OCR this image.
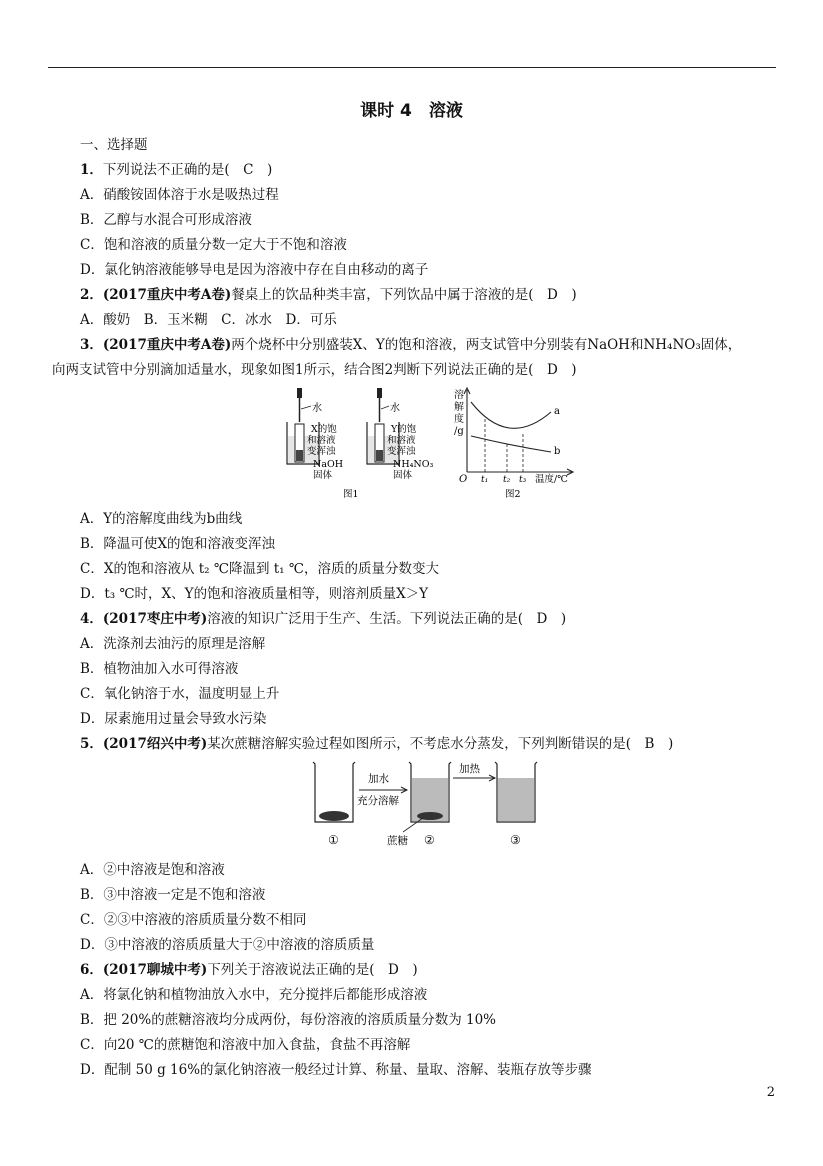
课时 4　溶液
一、选择题
1．下列说法不正确的是(　C　)
A．硝酸铵固体溶于水是吸热过程
B．乙醇与水混合可形成溶液
C．饱和溶液的质量分数一定大于不饱和溶液
D．氯化钠溶液能够导电是因为溶液中存在自由移动的离子
2．(2017重庆中考A卷)餐桌上的饮品种类丰富，下列饮品中属于溶液的是(　D　)
A．酸奶　B．玉米糊　C．冰水　D．可乐
3．(2017重庆中考A卷)两个烧杯中分别盛装X、Y的饱和溶液，两支试管中分别装有NaOH和NH₄NO₃固体，
向两支试管中分别滴加适量水，现象如图1所示，结合图2判断下列说法正确的是(　D　)
水
X的饱
和溶液
变浑浊
NaOH
固体
水
Y的饱
和溶液
变浑浊
NH₄NO₃
固体
图1
溶
解
度
/g
a
b
O t₁ t₂ t₃ 温度/℃
图2
A．Y的溶解度曲线为b曲线
B．降温可使X的饱和溶液变浑浊
C．X的饱和溶液从 t₂ ℃降温到 t₁ ℃，溶质的质量分数变大
D．t₃ ℃时，X、Y的饱和溶液质量相等，则溶剂质量X＞Y
4．(2017枣庄中考)溶液的知识广泛用于生产、生活。下列说法正确的是(　D　)
A．洗涤剂去油污的原理是溶解
B．植物油加入水可得溶液
C．氧化钠溶于水，温度明显上升
D．尿素施用过量会导致水污染
5．(2017绍兴中考)某次蔗糖溶解实验过程如图所示，不考虑水分蒸发，下列判断错误的是(　B　)
加水
充分溶解
加热
蔗糖
①	②	③
A．②中溶液是饱和溶液
B．③中溶液一定是不饱和溶液
C．②③中溶液的溶质质量分数不相同
D．③中溶液的溶质质量大于②中溶液的溶质质量
6．(2017聊城中考)下列关于溶液说法正确的是(　D　)
A．将氯化钠和植物油放入水中，充分搅拌后都能形成溶液
B．把 20%的蔗糖溶液均分成两份，每份溶液的溶质质量分数为 10%
C．向20 ℃的蔗糖饱和溶液中加入食盐，食盐不再溶解
D．配制 50 g 16%的氯化钠溶液一般经过计算、称量、量取、溶解、装瓶存放等步骤
2
